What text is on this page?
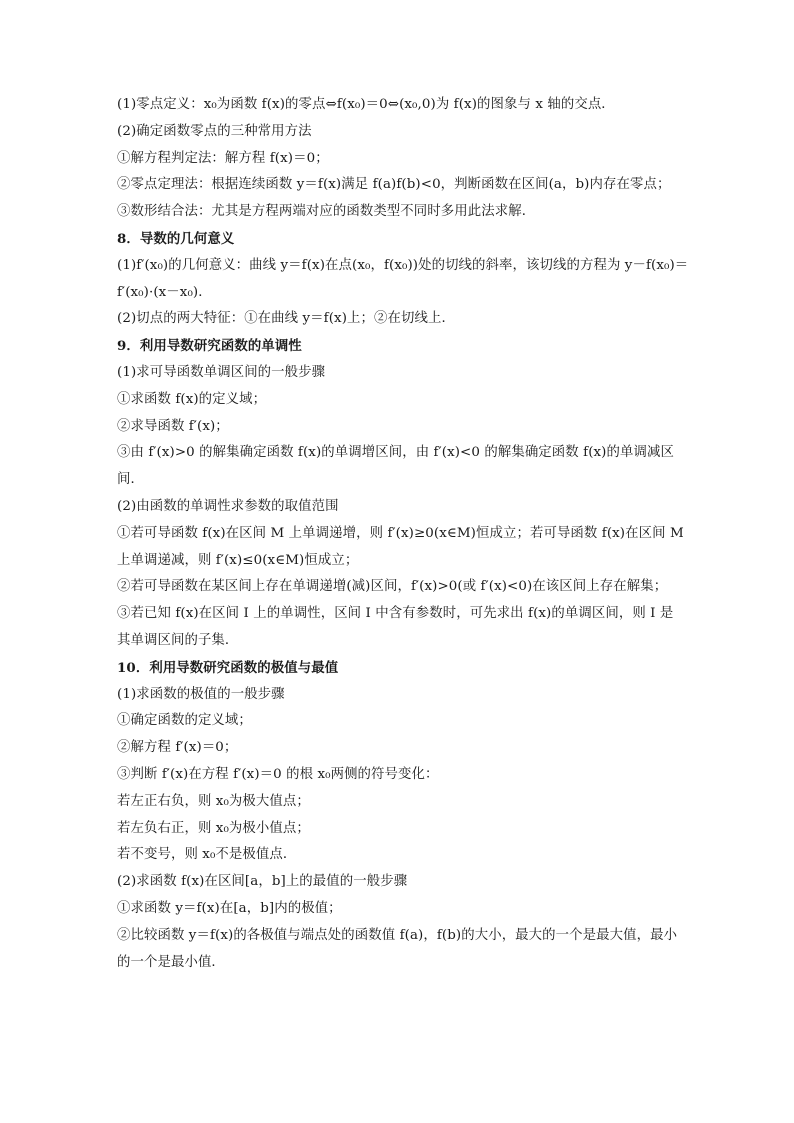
(1)零点定义：x₀为函数 f(x)的零点⇔f(x₀)＝0⇔(x₀,0)为 f(x)的图象与 x 轴的交点．
(2)确定函数零点的三种常用方法
①解方程判定法：解方程 f(x)＝0；
②零点定理法：根据连续函数 y＝f(x)满足 f(a)f(b)<0，判断函数在区间(a，b)内存在零点；
③数形结合法：尤其是方程两端对应的函数类型不同时多用此法求解．
8．导数的几何意义
(1)f′(x₀)的几何意义：曲线 y＝f(x)在点(x₀，f(x₀))处的切线的斜率，该切线的方程为 y－f(x₀)＝
f′(x₀)·(x－x₀)．
(2)切点的两大特征：①在曲线 y＝f(x)上；②在切线上．
9．利用导数研究函数的单调性
(1)求可导函数单调区间的一般步骤
①求函数 f(x)的定义域；
②求导函数 f′(x)；
③由 f′(x)>0 的解集确定函数 f(x)的单调增区间，由 f′(x)<0 的解集确定函数 f(x)的单调减区
间．
(2)由函数的单调性求参数的取值范围
①若可导函数 f(x)在区间 M 上单调递增，则 f′(x)≥0(x∈M)恒成立；若可导函数 f(x)在区间 M
上单调递减，则 f′(x)≤0(x∈M)恒成立；
②若可导函数在某区间上存在单调递增(减)区间，f′(x)>0(或 f′(x)<0)在该区间上存在解集；
③若已知 f(x)在区间 I 上的单调性，区间 I 中含有参数时，可先求出 f(x)的单调区间，则 I 是
其单调区间的子集．
10．利用导数研究函数的极值与最值
(1)求函数的极值的一般步骤
①确定函数的定义域；
②解方程 f′(x)＝0；
③判断 f′(x)在方程 f′(x)＝0 的根 x₀两侧的符号变化：
若左正右负，则 x₀为极大值点；
若左负右正，则 x₀为极小值点；
若不变号，则 x₀不是极值点．
(2)求函数 f(x)在区间[a，b]上的最值的一般步骤
①求函数 y＝f(x)在[a，b]内的极值；
②比较函数 y＝f(x)的各极值与端点处的函数值 f(a)，f(b)的大小，最大的一个是最大值，最小
的一个是最小值．
